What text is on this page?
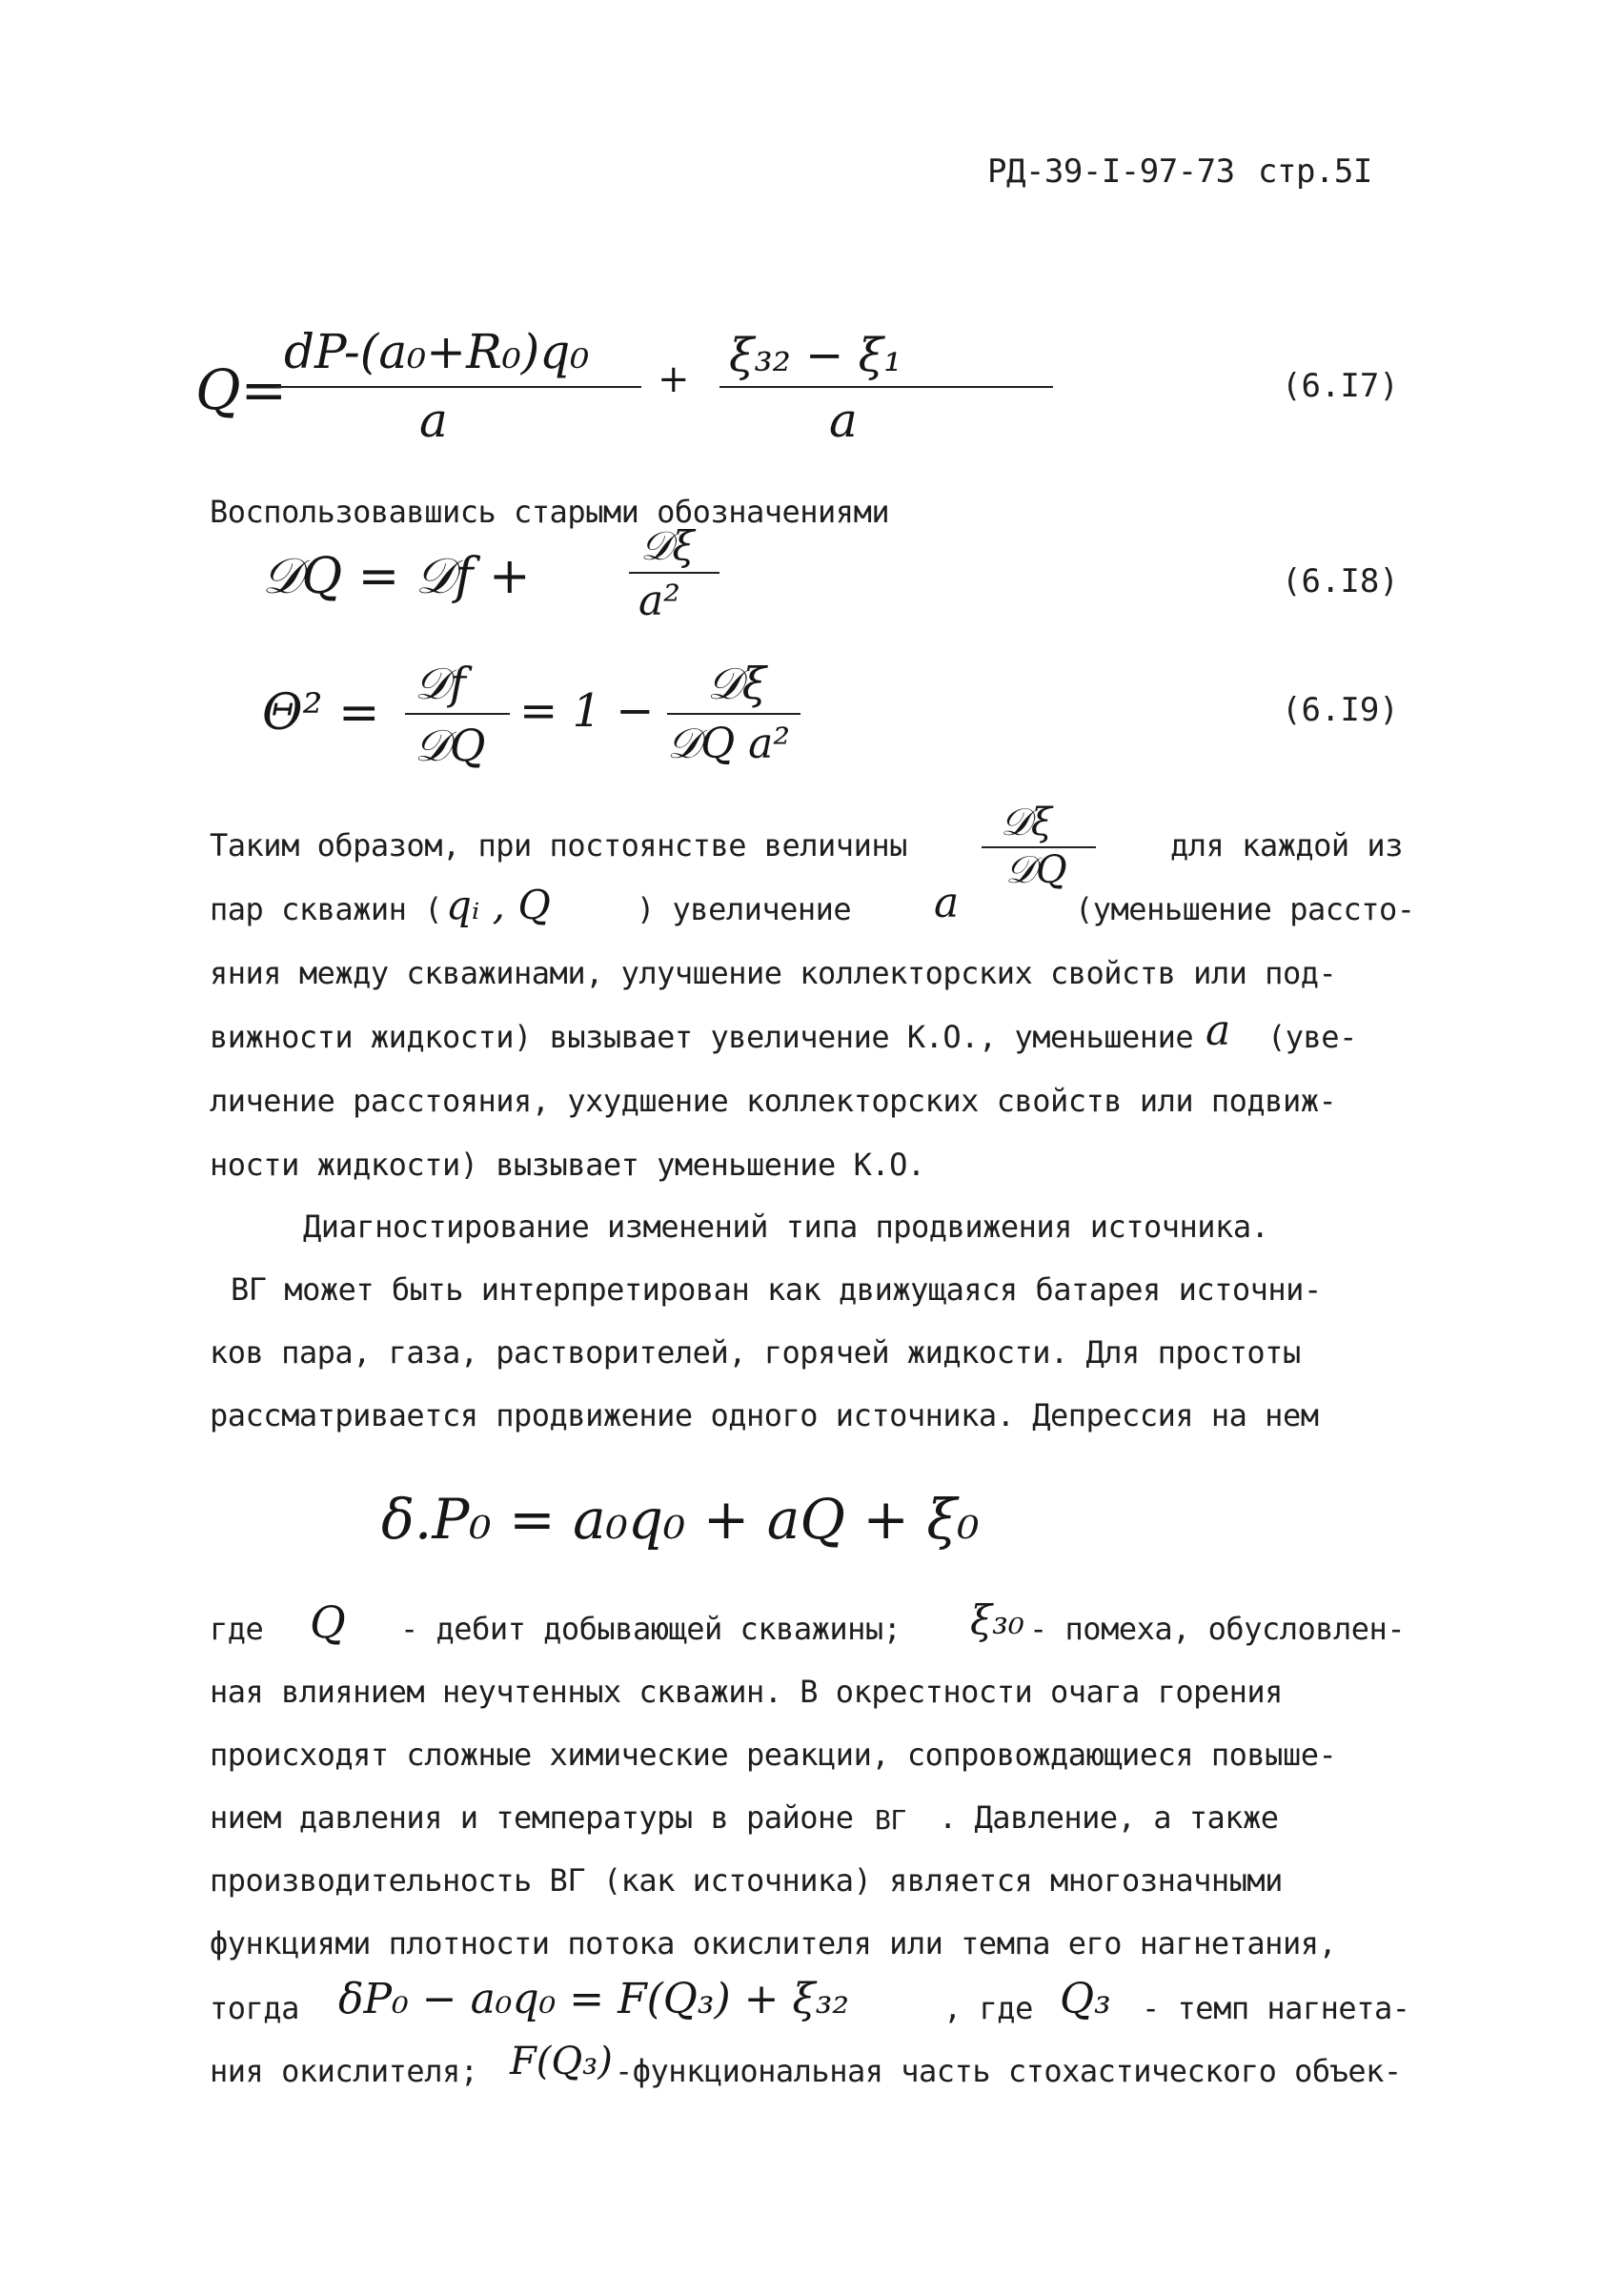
РД-39-I-97-73 стр.5I
Q=
dP-(a₀+R₀)q₀
a
+ ξ₃₂ − ξ₁
a
(6.I7)
Воспользовавшись старыми обозначениями
𝒟Q = 𝒟f +
𝒟ξ
a²	(6.I8)
Θ² =
𝒟f
𝒟Q
= 1 −
𝒟ξ
𝒟Q a²
(6.I9)
Таким образом, при постоянстве величины
𝒟ξ
𝒟Q
для каждой из
пар скважин ( qᵢ , Q	) увеличение a	(уменьшение рассто-
яния между скважинами, улучшение коллекторских свойств или под-
вижности жидкости) вызывает увеличение К.О., уменьшение a (уве-
личение расстояния, ухудшение коллекторских свойств или подвиж-
ности жидкости) вызывает уменьшение К.О.
Диагностирование изменений типа продвижения источника.
ВГ может быть интерпретирован как движущаяся батарея источни-
ков пара, газа, растворителей, горячей жидкости. Для простоты
рассматривается продвижение одного источника. Депрессия на нем
δ.P₀ = a₀q₀ + aQ + ξ₀
где Q - дебит добывающей скважины; ξ₃₀ - помеха, обусловлен-
ная влиянием неучтенных скважин. В окрестности очага горения
происходят сложные химические реакции, сопровождающиеся повыше-
нием давления и температуры в районе ВГ . Давление, а также
производительность ВГ (как источника) является многозначными
функциями плотности потока окислителя или темпа его нагнетания,
тогда δP₀ − a₀q₀ = F(Q₃) + ξ₃₂	, где Q₃ - темп нагнета-
ния окислителя; F(Q₃) -функциональная часть стохастического объек-
